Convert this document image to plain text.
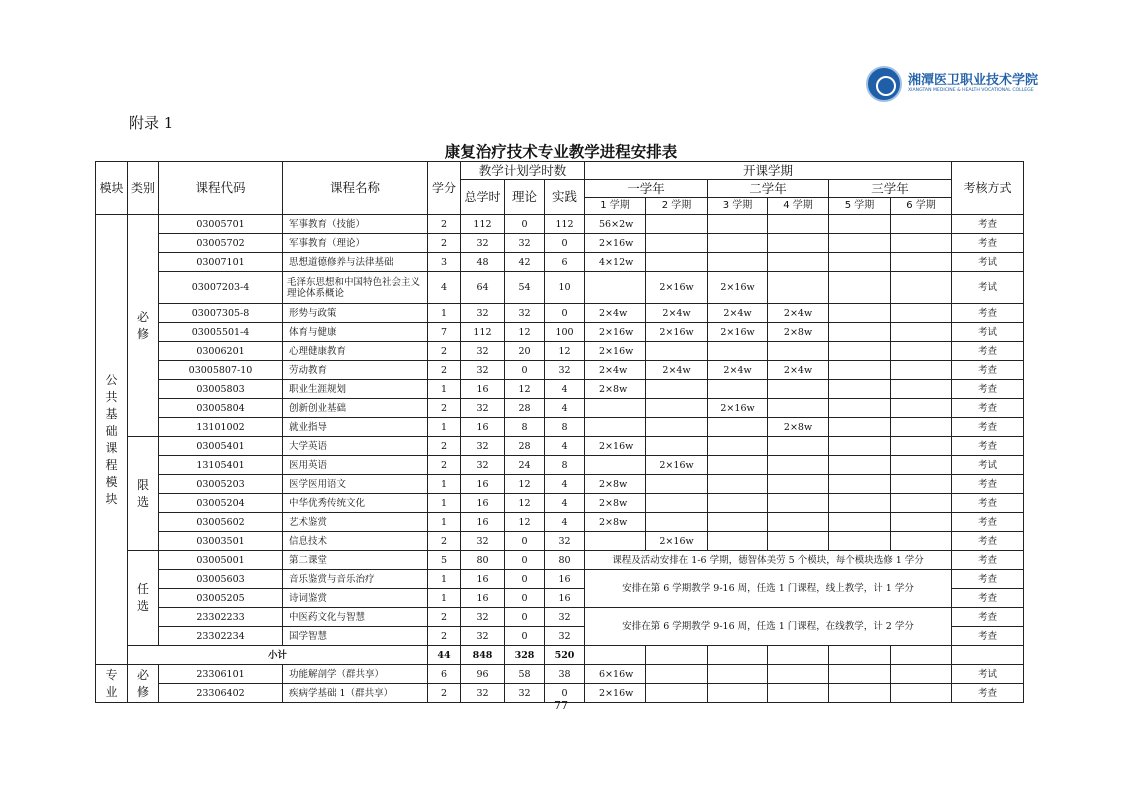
湘潭医卫职业技术学院
XIANGTAN MEDICINE & HEALTH VOCATIONAL COLLEGE
附录 1
康复治疗技术专业教学进程安排表
模块	类别	课程代码	课程名称	学分	教学计划学时数			开课学期						考核方式
					总学时	理论	实践	一学年		二学年		三学年		
								1 学期	2 学期	3 学期	4 学期	5 学期	6 学期	
公共基础课程模块	必修	03005701	军事教育（技能）	2	112	0	112	56×2w						考查
		03005702	军事教育（理论）	2	32	32	0	2×16w						考查
		03007101	思想道德修养与法律基础	3	48	42	6	4×12w						考试
		03007203-4	毛泽东思想和中国特色社会主义理论体系概论	4	64	54	10		2×16w	2×16w				考试
		03007305-8	形势与政策	1	32	32	0	2×4w	2×4w	2×4w	2×4w			考查
		03005501-4	体育与健康	7	112	12	100	2×16w	2×16w	2×16w	2×8w			考试
		03006201	心理健康教育	2	32	20	12	2×16w						考查
		03005807-10	劳动教育	2	32	0	32	2×4w	2×4w	2×4w	2×4w			考查
		03005803	职业生涯规划	1	16	12	4	2×8w						考查
		03005804	创新创业基础	2	32	28	4			2×16w				考查
		13101002	就业指导	1	16	8	8				2×8w			考查
	限选	03005401	大学英语	2	32	28	4	2×16w						考查
		13105401	医用英语	2	32	24	8		2×16w					考试
		03005203	医学医用语文	1	16	12	4	2×8w						考查
		03005204	中华优秀传统文化	1	16	12	4	2×8w						考查
		03005602	艺术鉴赏	1	16	12	4	2×8w						考查
		03003501	信息技术	2	32	0	32		2×16w					考查
	任选	03005001	第二课堂	5	80	0	80	课程及活动安排在 1-6 学期，德智体美劳 5 个模块，每个模块选修 1 学分						考查
		03005603	音乐鉴赏与音乐治疗	1	16	0	16	安排在第 6 学期教学 9-16 周，任选 1 门课程，线上教学，计 1 学分						考查
		03005205	诗词鉴赏	1	16	0	16							考查
		23302233	中医药文化与智慧	2	32	0	32	安排在第 6 学期教学 9-16 周，任选 1 门课程，在线教学，计 2 学分						考查
		23302234	国学智慧	2	32	0	32							考查
	小计			44	848	328	520							
专业	必修	23306101	功能解剖学（群共享）	6	96	58	38	6×16w						考试
		23306402	疾病学基础 1（群共享）	2	32	32	0	2×16w						考查
77
